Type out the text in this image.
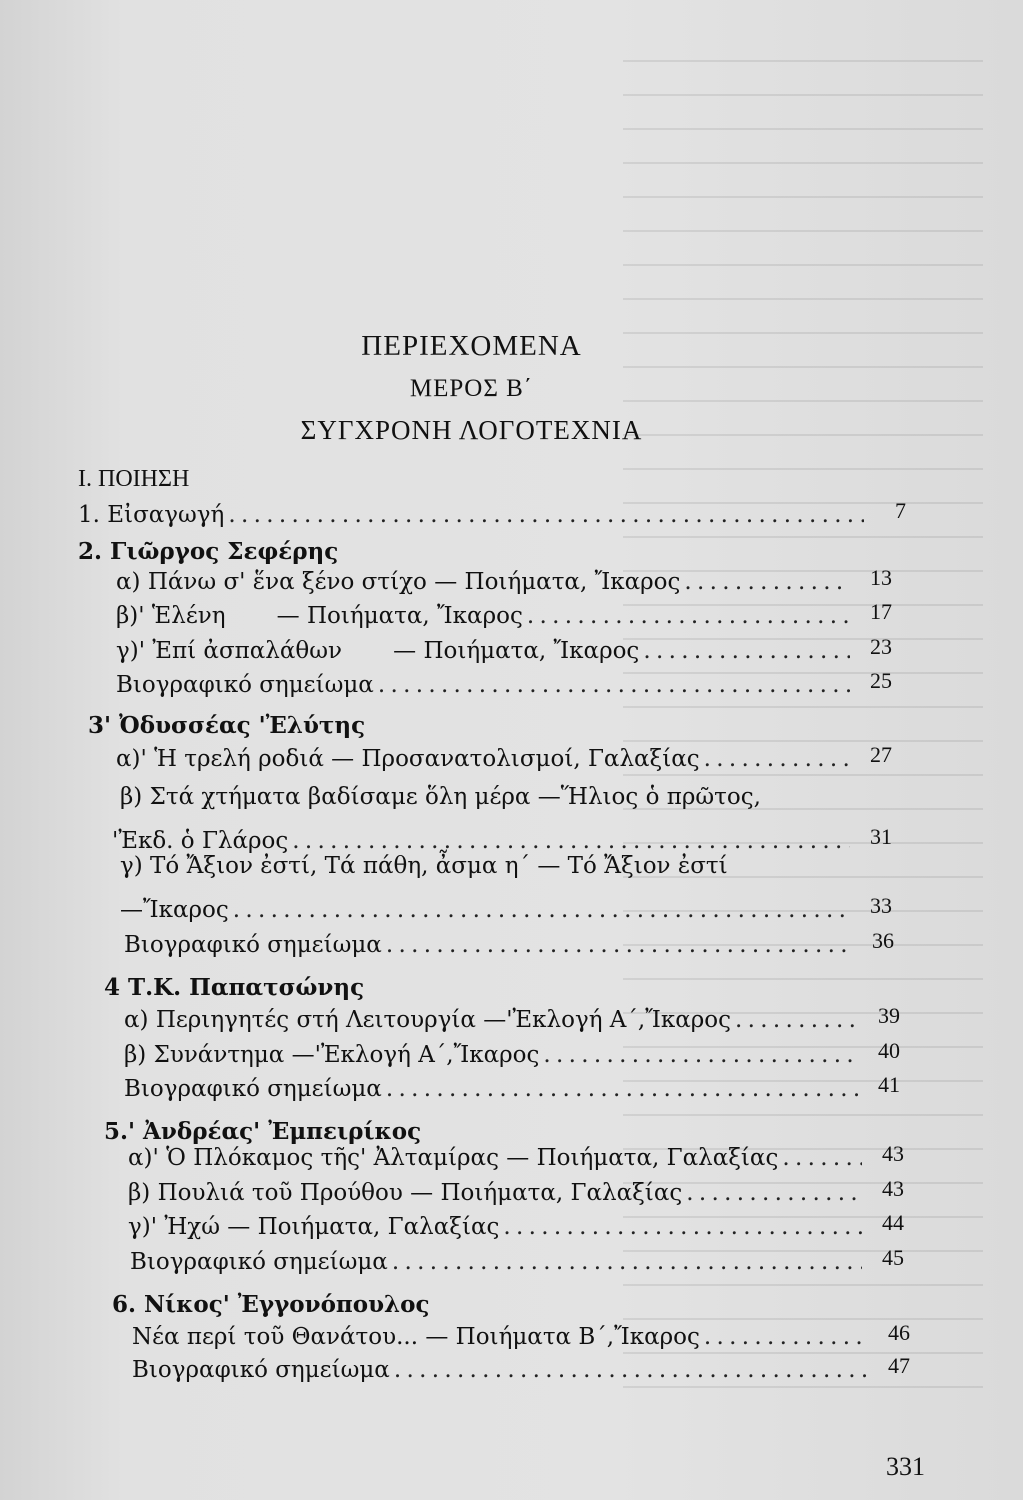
ΠΕΡΙΕΧΟΜΕΝΑ
ΜΕΡΟΣ Β΄
ΣΥΓΧΡΟΝΗ ΛΟΓΟΤΕΧΝΙΑ
Ι. ΠΟΙΗΣΗ
1. Εἰσαγωγή . . .	7
2. Γιῶργος Σεφέρης
α) Πάνω σ' ἕνα ξένο στίχο — Ποιήματα, Ἴκαρος . . .	13
β)' Ἑλένη       — Ποιήματα, Ἴκαρος . . .	17
γ)' Ἐπί ἀσπαλάθων       — Ποιήματα, Ἴκαρος . . .	23
Βιογραφικό σημείωμα . . .	25
3' Ὀδυσσέας 'Ἐλύτης
α)' Ἡ τρελή ροδιά — Προσανατολισμοί, Γαλαξίας . . .	27
β) Στά χτήματα βαδίσαμε ὅλη μέρα —Ἥλιος ὁ πρῶτος,
'Ἐκδ. ὁ Γλάρος . . .	31
γ) Τό Ἄξιον ἐστί, Τά πάθη, ἆσμα η΄ — Τό Ἄξιον ἐστί
—Ἴκαρος . . .	33
Βιογραφικό σημείωμα . . .	36
4 Τ.Κ. Παπατσώνης
α) Περιηγητές στή Λειτουργία —'Ἐκλογή Α΄,Ἴκαρος . . .	39
β) Συνάντημα —'Ἐκλογή Α΄,Ἴκαρος . . .	40
Βιογραφικό σημείωμα . . .	41
5.' Ἀνδρέας' Ἐμπειρίκος
α)' Ὁ Πλόκαμος τῆς' Ἀλταμίρας — Ποιήματα, Γαλαξίας . . .	43
β) Πουλιά τοῦ Προύθου — Ποιήματα, Γαλαξίας . . .	43
γ)' Ἠχώ — Ποιήματα, Γαλαξίας . . .	44
Βιογραφικό σημείωμα . . .	45
6. Νίκος' Ἐγγονόπουλος
Νέα περί τοῦ Θανάτου... — Ποιήματα Β΄,Ἴκαρος . . .	46
Βιογραφικό σημείωμα . . .	47
331
